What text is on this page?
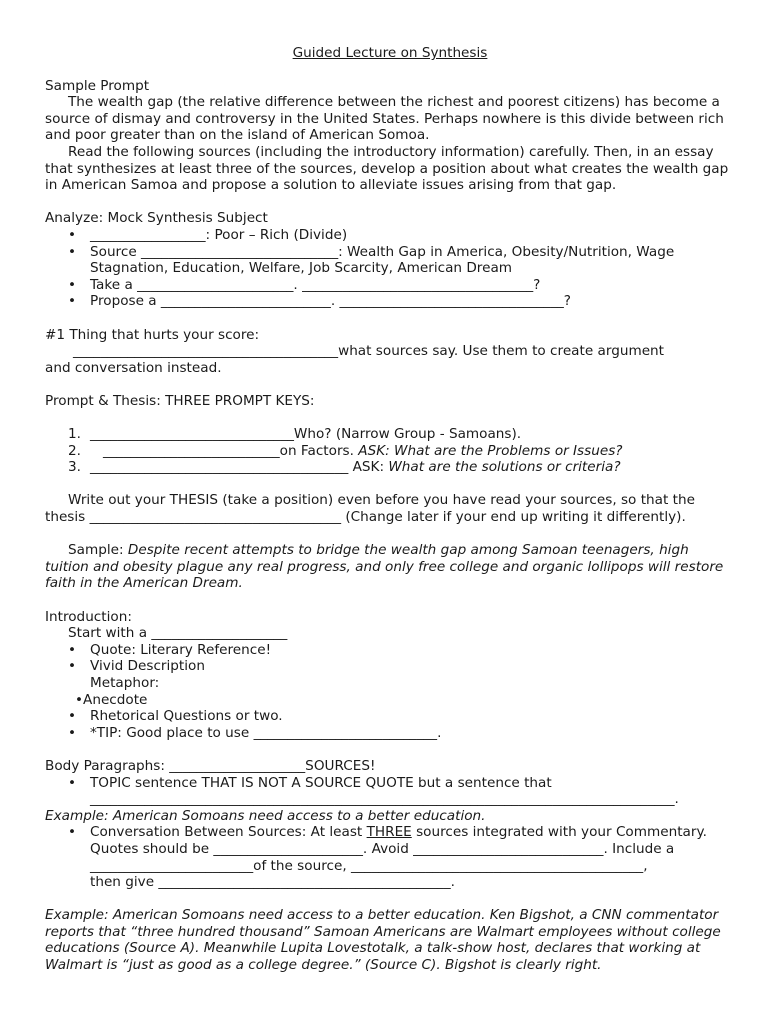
Guided Lecture on Synthesis

Sample Prompt

The wealth gap (the relative difference between the richest and poorest citizens) has become a source of dismay and controversy in the United States. Perhaps nowhere is this divide between rich and poor greater than on the island of American Somoa.

Read the following sources (including the introductory information) carefully. Then, in an essay that synthesizes at least three of the sources, develop a position about what creates the wealth gap in American Samoa and propose a solution to alleviate issues arising from that gap.

Analyze: Mock Synthesis Subject

• _________________: Poor – Rich (Divide)
• Source _____________________________: Wealth Gap in America, Obesity/Nutrition, Wage Stagnation, Education, Welfare, Job Scarcity, American Dream
• Take a _______________________. __________________________________?
• Propose a _________________________. _________________________________?

#1 Thing that hurts your score:

_______________________________________what sources say. Use them to create argument

and conversation instead.

Prompt & Thesis: THREE PROMPT KEYS:

1. ______________________________Who? (Narrow Group - Samoans).
2. __________________________on Factors. ASK: What are the Problems or Issues?
3. ______________________________________ ASK: What are the solutions or criteria?

Write out your THESIS (take a position) even before you have read your sources, so that the thesis _____________________________________ (Change later if your end up writing it differently).

Sample: Despite recent attempts to bridge the wealth gap among Samoan teenagers, high tuition and obesity plague any real progress, and only free college and organic lollipops will restore faith in the American Dream.

Introduction:

Start with a ____________________

• Quote: Literary Reference!
• Vivid Description

Metaphor:

• Anecdote

• Rhetorical Questions or two.
• *TIP: Good place to use ___________________________.

Body Paragraphs: ____________________SOURCES!

• TOPIC sentence THAT IS NOT A SOURCE QUOTE but a sentence that
______________________________________________________________________________________.

Example: American Somoans need access to a better education.

• Conversation Between Sources: At least THREE sources integrated with your Commentary. Quotes should be ______________________. Avoid ____________________________. Include a ________________________of the source, ___________________________________________,
then give ___________________________________________.

Example: American Somoans need access to a better education. Ken Bigshot, a CNN commentator reports that “three hundred thousand” Samoan Americans are Walmart employees without college educations (Source A). Meanwhile Lupita Lovestotalk, a talk-show host, declares that working at Walmart is “just as good as a college degree.” (Source C). Bigshot is clearly right.
